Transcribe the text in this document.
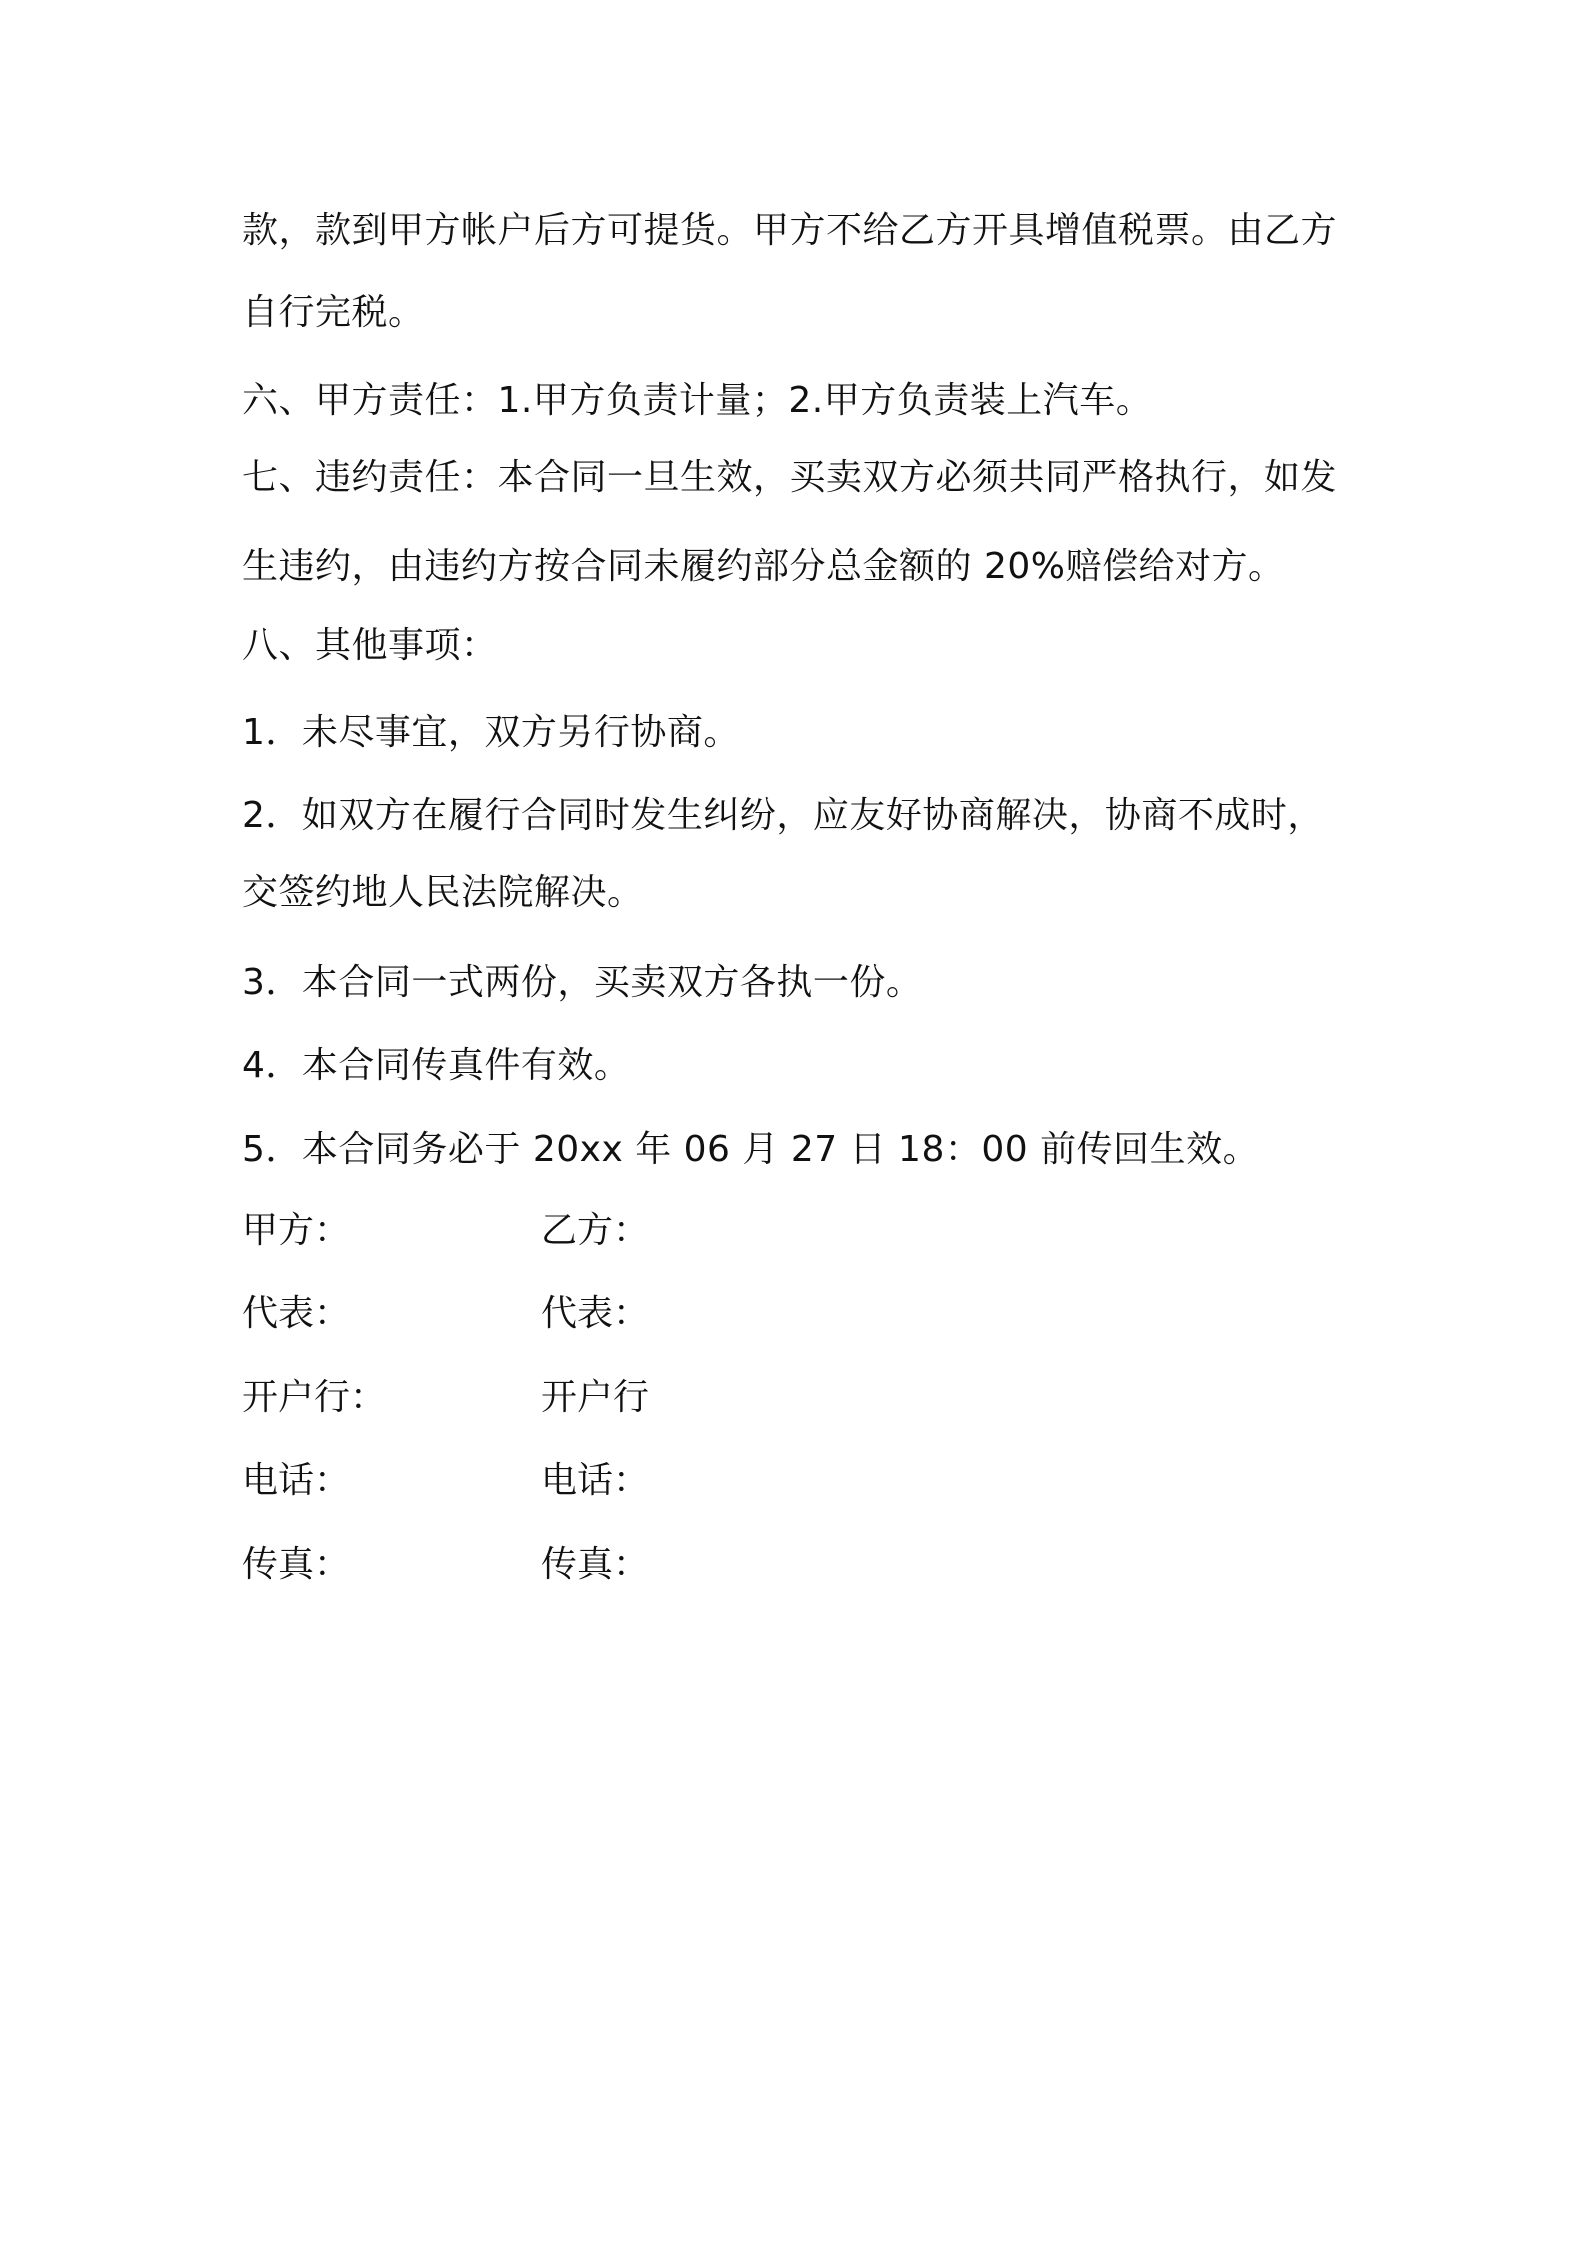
款，款到甲方帐户后方可提货。甲方不给乙方开具增值税票。由乙方
自行完税。
六、甲方责任：1.甲方负责计量；2.甲方负责装上汽车。
七、违约责任：本合同一旦生效，买卖双方必须共同严格执行，如发
生违约，由违约方按合同未履约部分总金额的 20%赔偿给对方。
八、其他事项：
1．未尽事宜，双方另行协商。
2．如双方在履行合同时发生纠纷，应友好协商解决，协商不成时，
交签约地人民法院解决。
3．本合同一式两份，买卖双方各执一份。
4．本合同传真件有效。
5．本合同务必于 20xx 年 06 月 27 日 18：00 前传回生效。
甲方：	乙方：
代表：	代表：
开户行：	开户行
电话：	电话：
传真：	传真：
